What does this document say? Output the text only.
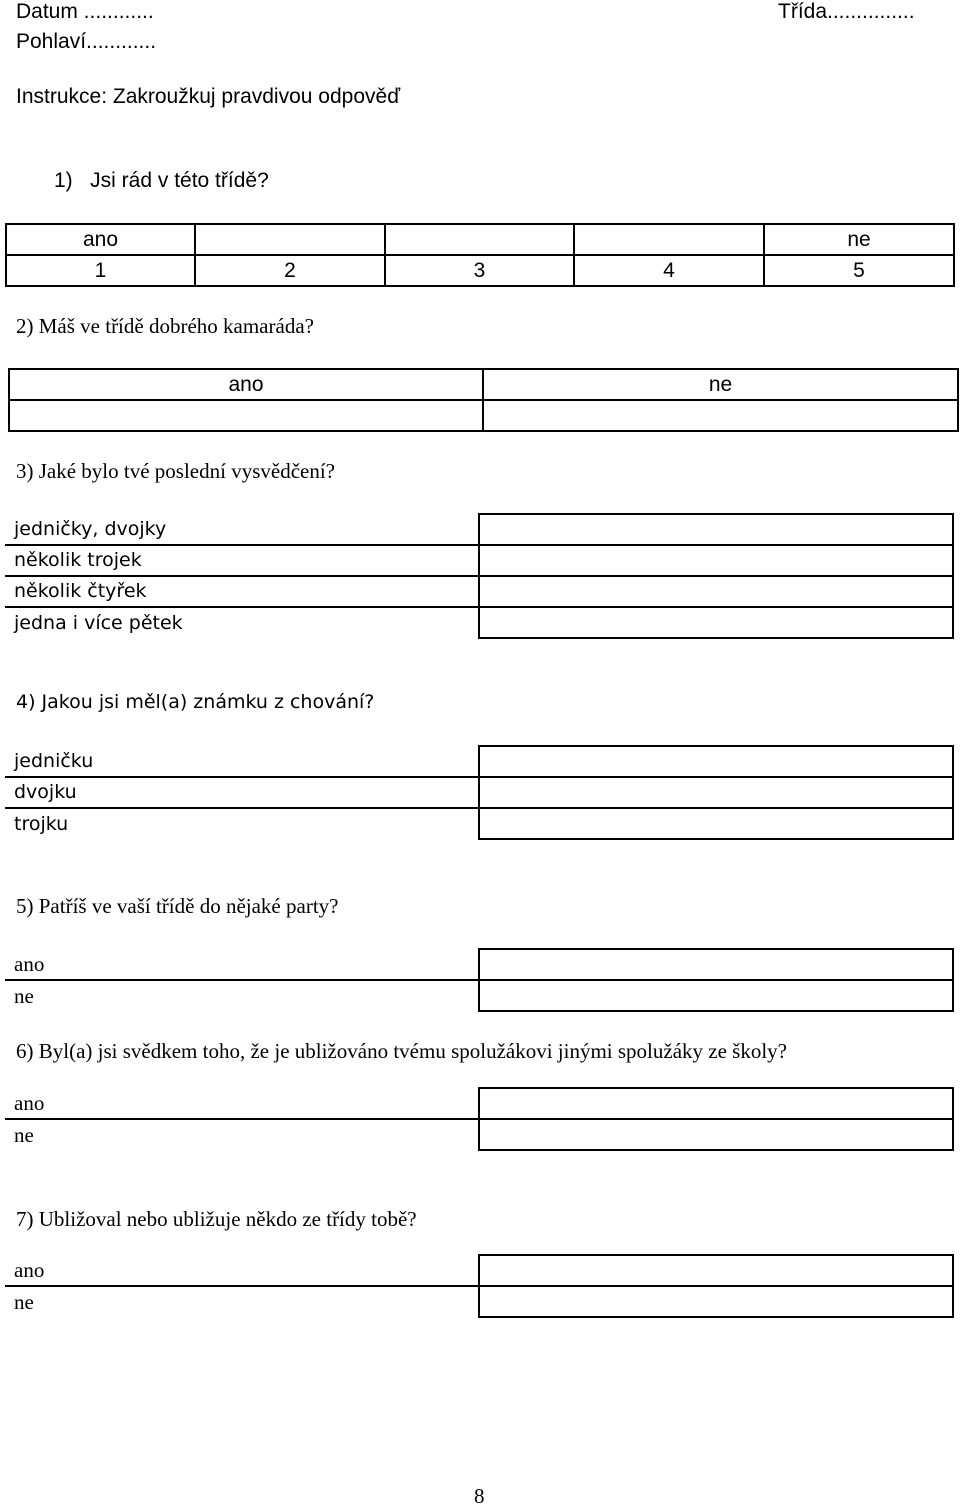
Datum ............	Třída...............
Pohlaví............
Instrukce: Zakroužkuj pravdivou odpověď
1)   Jsi rád v této třídě?
ano				ne
1	2	3	4	5
2) Máš ve třídě dobrého kamaráda?
ano	ne

3) Jaké bylo tvé poslední vysvědčení?
jedničky, dvojky	
několik trojek	
několik čtyřek	
jedna i více pětek	
4) Jakou jsi měl(a) známku z chování?
jedničku	
dvojku	
trojku	
5) Patříš ve vaší třídě do nějaké party?
ano	
ne	
6) Byl(a) jsi svědkem toho, že je ubližováno tvému spolužákovi jinými spolužáky ze školy?
ano	
ne	
7) Ubližoval nebo ubližuje někdo ze třídy tobě?
ano	
ne	
8
